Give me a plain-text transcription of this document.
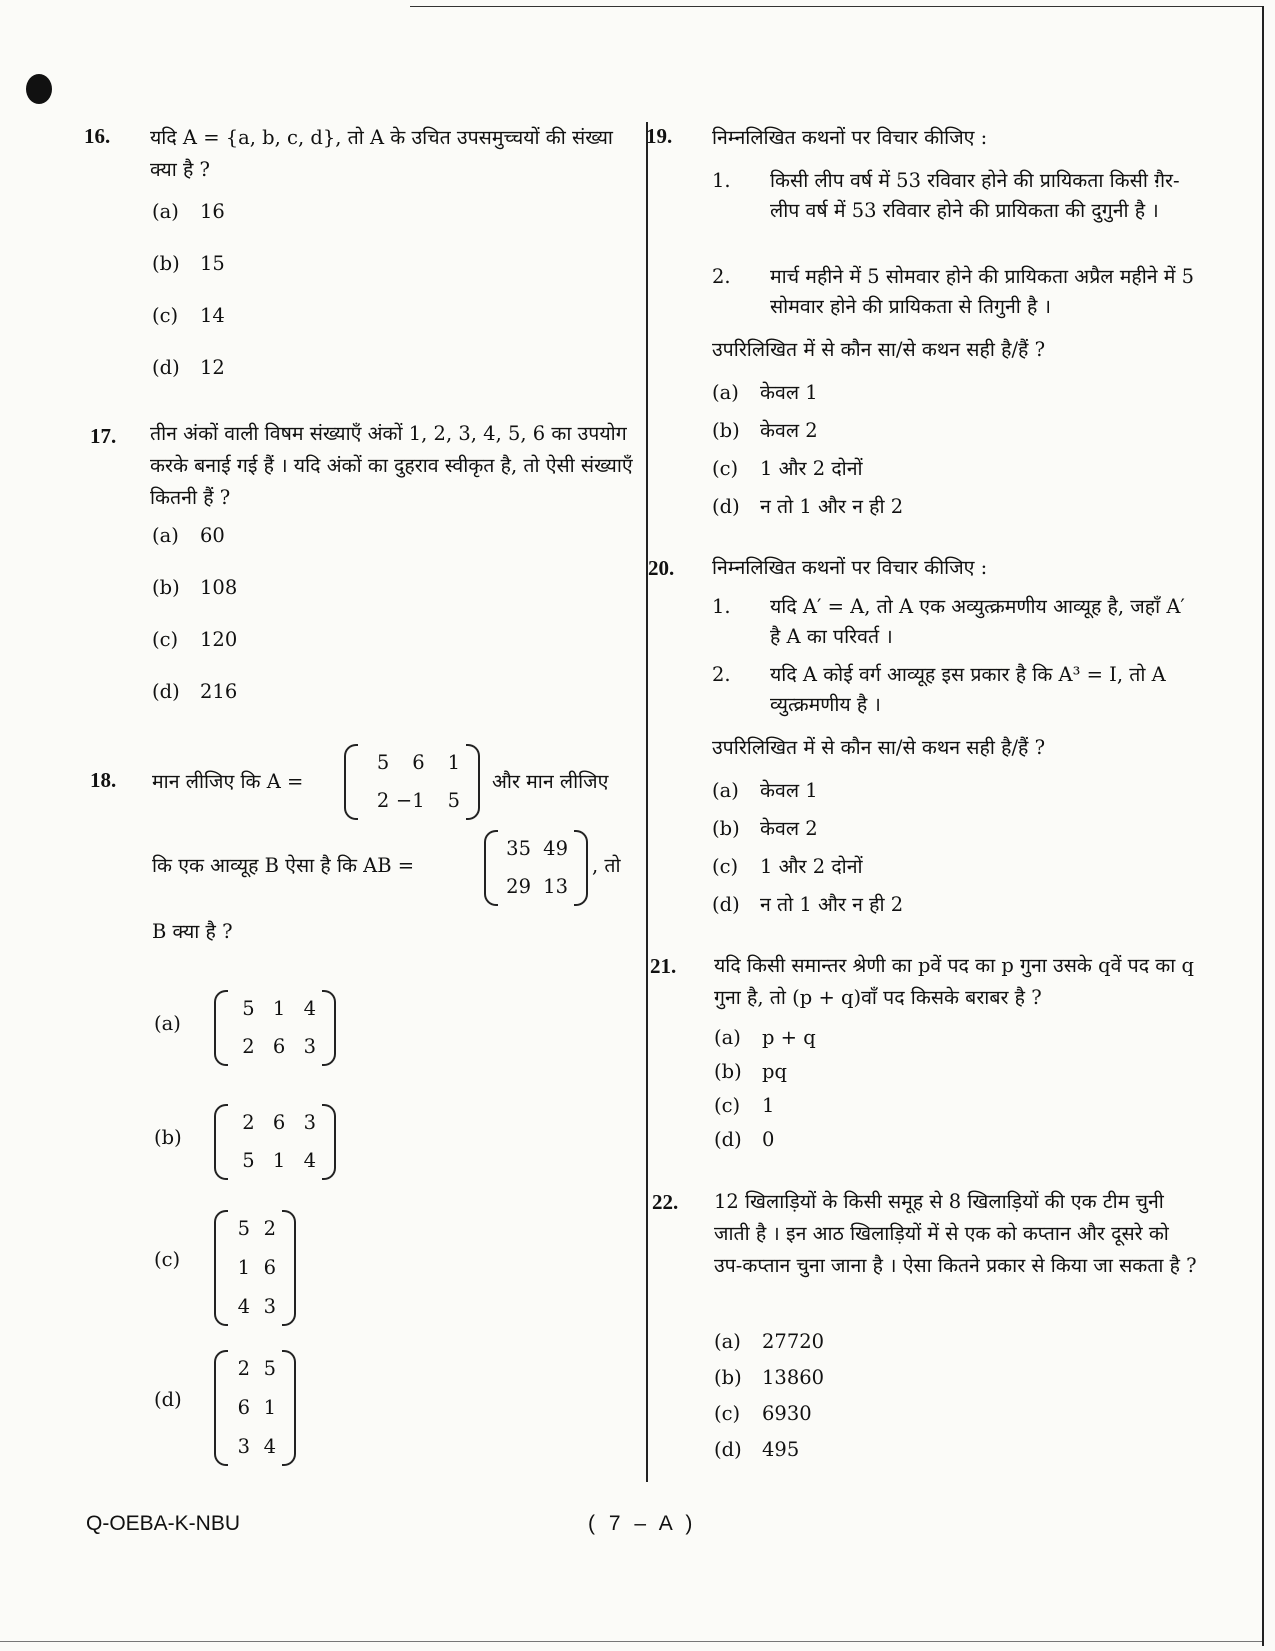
16. यदि A = {a, b, c, d}, तो A के उचित उपसमुच्चयों की संख्या क्या है ?
(a) 16
(b) 15
(c) 14
(d) 12
17. तीन अंकों वाली विषम संख्याएँ अंकों 1, 2, 3, 4, 5, 6 का उपयोग करके बनाई गई हैं । यदि अंकों का दुहराव स्वीकृत है, तो ऐसी संख्याएँ कितनी हैं ?
(a) 60
(b) 108
(c) 120
(d) 216
18. मान लीजिए कि A =
5	6	1
2 −1	5
और मान लीजिए
कि एक आव्यूह B ऐसा है कि AB =
35 49
29 13
, तो
B क्या है ?
(a)
5 1 4
2 6 3
(b)
2 6 3
5 1 4
(c)
5 2
1 6
4 3
(d)
2 5
6 1
3 4
19. निम्नलिखित कथनों पर विचार कीजिए :
1. किसी लीप वर्ष में 53 रविवार होने की प्रायिकता किसी ग़ैर-लीप वर्ष में 53 रविवार होने की प्रायिकता की दुगुनी है ।
2. मार्च महीने में 5 सोमवार होने की प्रायिकता अप्रैल महीने में 5 सोमवार होने की प्रायिकता से तिगुनी है ।
उपरिलिखित में से कौन सा/से कथन सही है/हैं ?
(a) केवल 1
(b) केवल 2
(c) 1 और 2 दोनों
(d) न तो 1 और न ही 2
20. निम्नलिखित कथनों पर विचार कीजिए :
1. यदि A′ = A, तो A एक अव्युत्क्रमणीय आव्यूह है, जहाँ A′ है A का परिवर्त ।
2. यदि A कोई वर्ग आव्यूह इस प्रकार है कि A³ = I, तो A व्युत्क्रमणीय है ।
उपरिलिखित में से कौन सा/से कथन सही है/हैं ?
(a) केवल 1
(b) केवल 2
(c) 1 और 2 दोनों
(d) न तो 1 और न ही 2
21. यदि किसी समान्तर श्रेणी का pवें पद का p गुना उसके qवें पद का q गुना है, तो (p + q)वाँ पद किसके बराबर है ?
(a) p + q
(b) pq
(c) 1
(d) 0
22. 12 खिलाड़ियों के किसी समूह से 8 खिलाड़ियों की एक टीम चुनी जाती है । इन आठ खिलाड़ियों में से एक को कप्तान और दूसरे को उप-कप्तान चुना जाना है । ऐसा कितने प्रकार से किया जा सकता है ?
(a) 27720
(b) 13860
(c) 6930
(d) 495
Q-OEBA-K-NBU	( 7 – A )
